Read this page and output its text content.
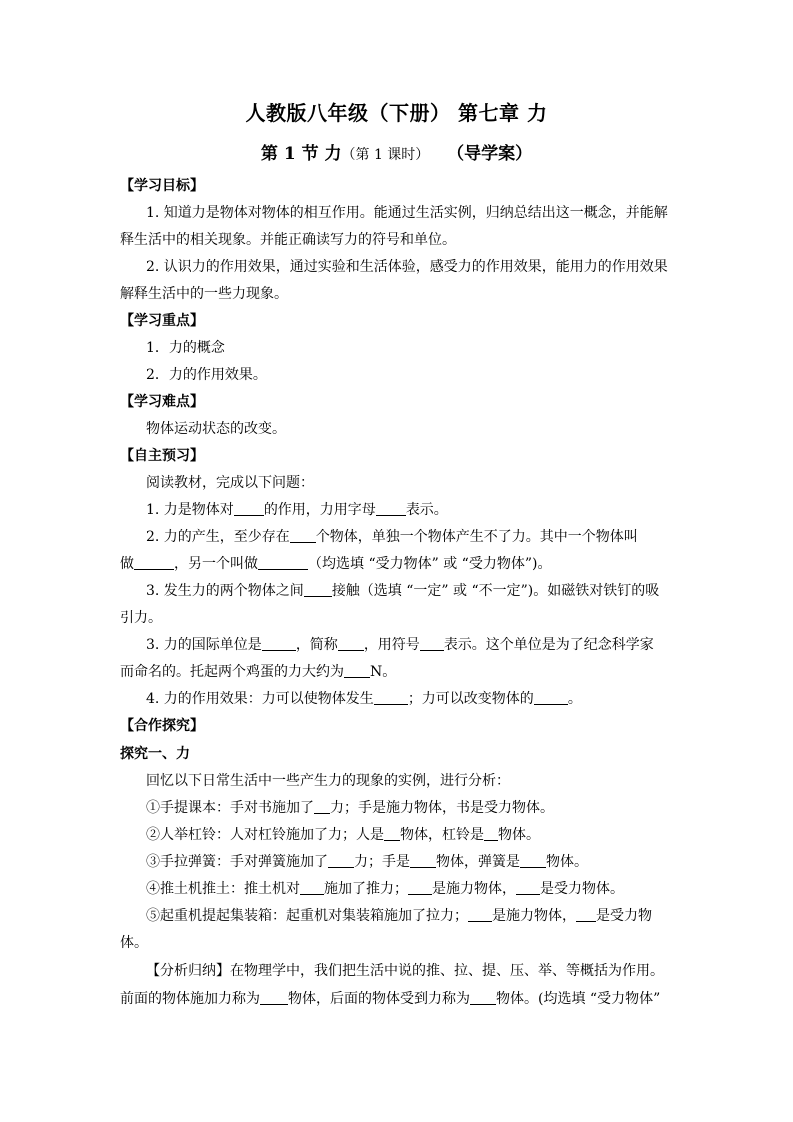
人教版八年级（下册） 第七章 力
第 1 节 力（第 1 课时） （导学案）
【学习目标】
1. 知道力是物体对物体的相互作用。能通过生活实例，归纳总结出这一概念，并能解
释生活中的相关现象。并能正确读写力的符号和单位。
2. 认识力的作用效果，通过实验和生活体验，感受力的作用效果，能用力的作用效果
解释生活中的一些力现象。
【学习重点】
1．力的概念
2．力的作用效果。
【学习难点】
物体运动状态的改变。
【自主预习】
阅读教材，完成以下问题：
1. 力是物体对 的作用，力用字母 表示。
2. 力的产生，至少存在 个物体，单独一个物体产生不了力。其中一个物体叫
做	，另一个叫做	（均选填 “受力物体” 或 “受力物体”)。
3. 发生力的两个物体之间 接触（选填 “一定” 或 “不一定”)。如磁铁对铁钉的吸
引力。
3. 力的国际单位是 ，简称 ，用符号 表示。这个单位是为了纪念科学家
而命名的。托起两个鸡蛋的力大约为 N。
4. 力的作用效果：力可以使物体发生 ；力可以改变物体的 。
【合作探究】
探究一、力
回忆以下日常生活中一些产生力的现象的实例，进行分析：
①手提课本：手对书施加了 力；手是施力物体，书是受力物体。
②人举杠铃：人对杠铃施加了力；人是 物体，杠铃是 物体。
③手拉弹簧：手对弹簧施加了 力；手是 物体，弹簧是 物体。
④推土机推土：推土机对 施加了推力； 是施力物体， 是受力物体。
⑤起重机提起集装箱：起重机对集装箱施加了拉力； 是施力物体， 是受力物
体。
【分析归纳】在物理学中，我们把生活中说的推、拉、提、压、举、等概括为作用。
前面的物体施加力称为 物体，后面的物体受到力称为 物体。(均选填 “受力物体”
